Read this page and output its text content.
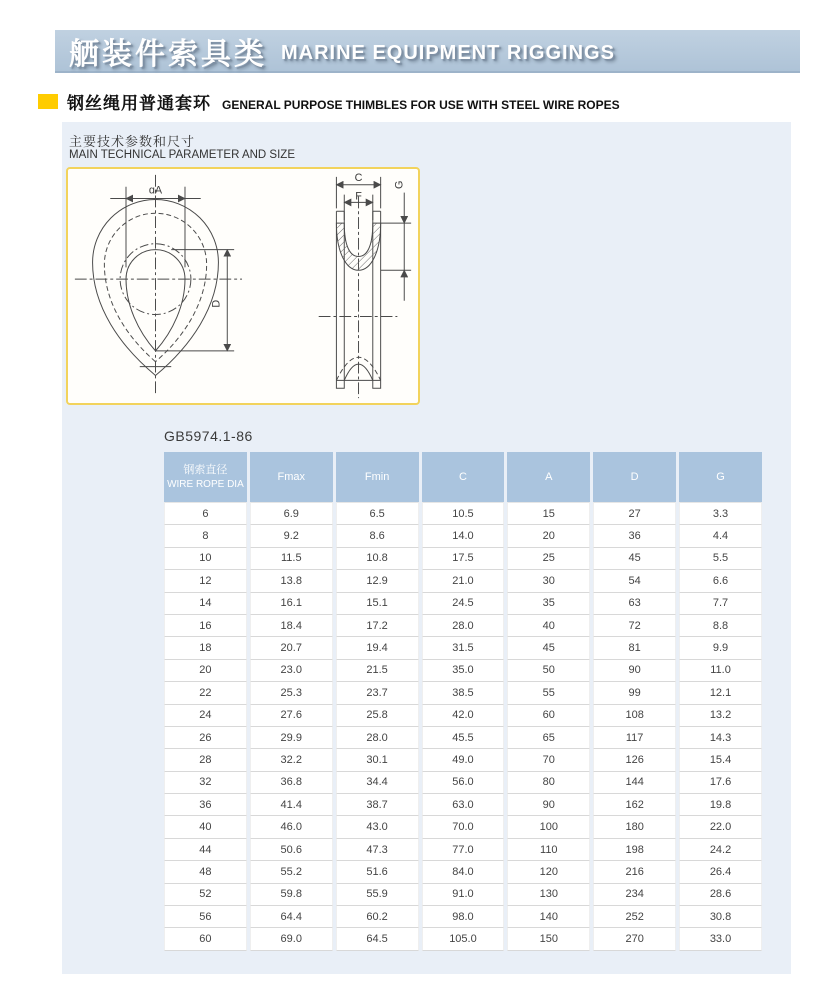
舾装件索具类 MARINE EQUIPMENT RIGGINGS
钢丝绳用普通套环 GENERAL PURPOSE THIMBLES FOR USE WITH STEEL WIRE ROPES
主要技术参数和尺寸
MAIN TECHNICAL PARAMETER AND SIZE
ɑA
D
C
F
G
GB5974.1-86
钢索直径
WIRE ROPE DIA	Fmax	Fmin	C	A	D	G
6	6.9	6.5	10.5	15	27	3.3
8	9.2	8.6	14.0	20	36	4.4
10	11.5	10.8	17.5	25	45	5.5
12	13.8	12.9	21.0	30	54	6.6
14	16.1	15.1	24.5	35	63	7.7
16	18.4	17.2	28.0	40	72	8.8
18	20.7	19.4	31.5	45	81	9.9
20	23.0	21.5	35.0	50	90	11.0
22	25.3	23.7	38.5	55	99	12.1
24	27.6	25.8	42.0	60	108	13.2
26	29.9	28.0	45.5	65	117	14.3
28	32.2	30.1	49.0	70	126	15.4
32	36.8	34.4	56.0	80	144	17.6
36	41.4	38.7	63.0	90	162	19.8
40	46.0	43.0	70.0	100	180	22.0
44	50.6	47.3	77.0	110	198	24.2
48	55.2	51.6	84.0	120	216	26.4
52	59.8	55.9	91.0	130	234	28.6
56	64.4	60.2	98.0	140	252	30.8
60	69.0	64.5	105.0	150	270	33.0
